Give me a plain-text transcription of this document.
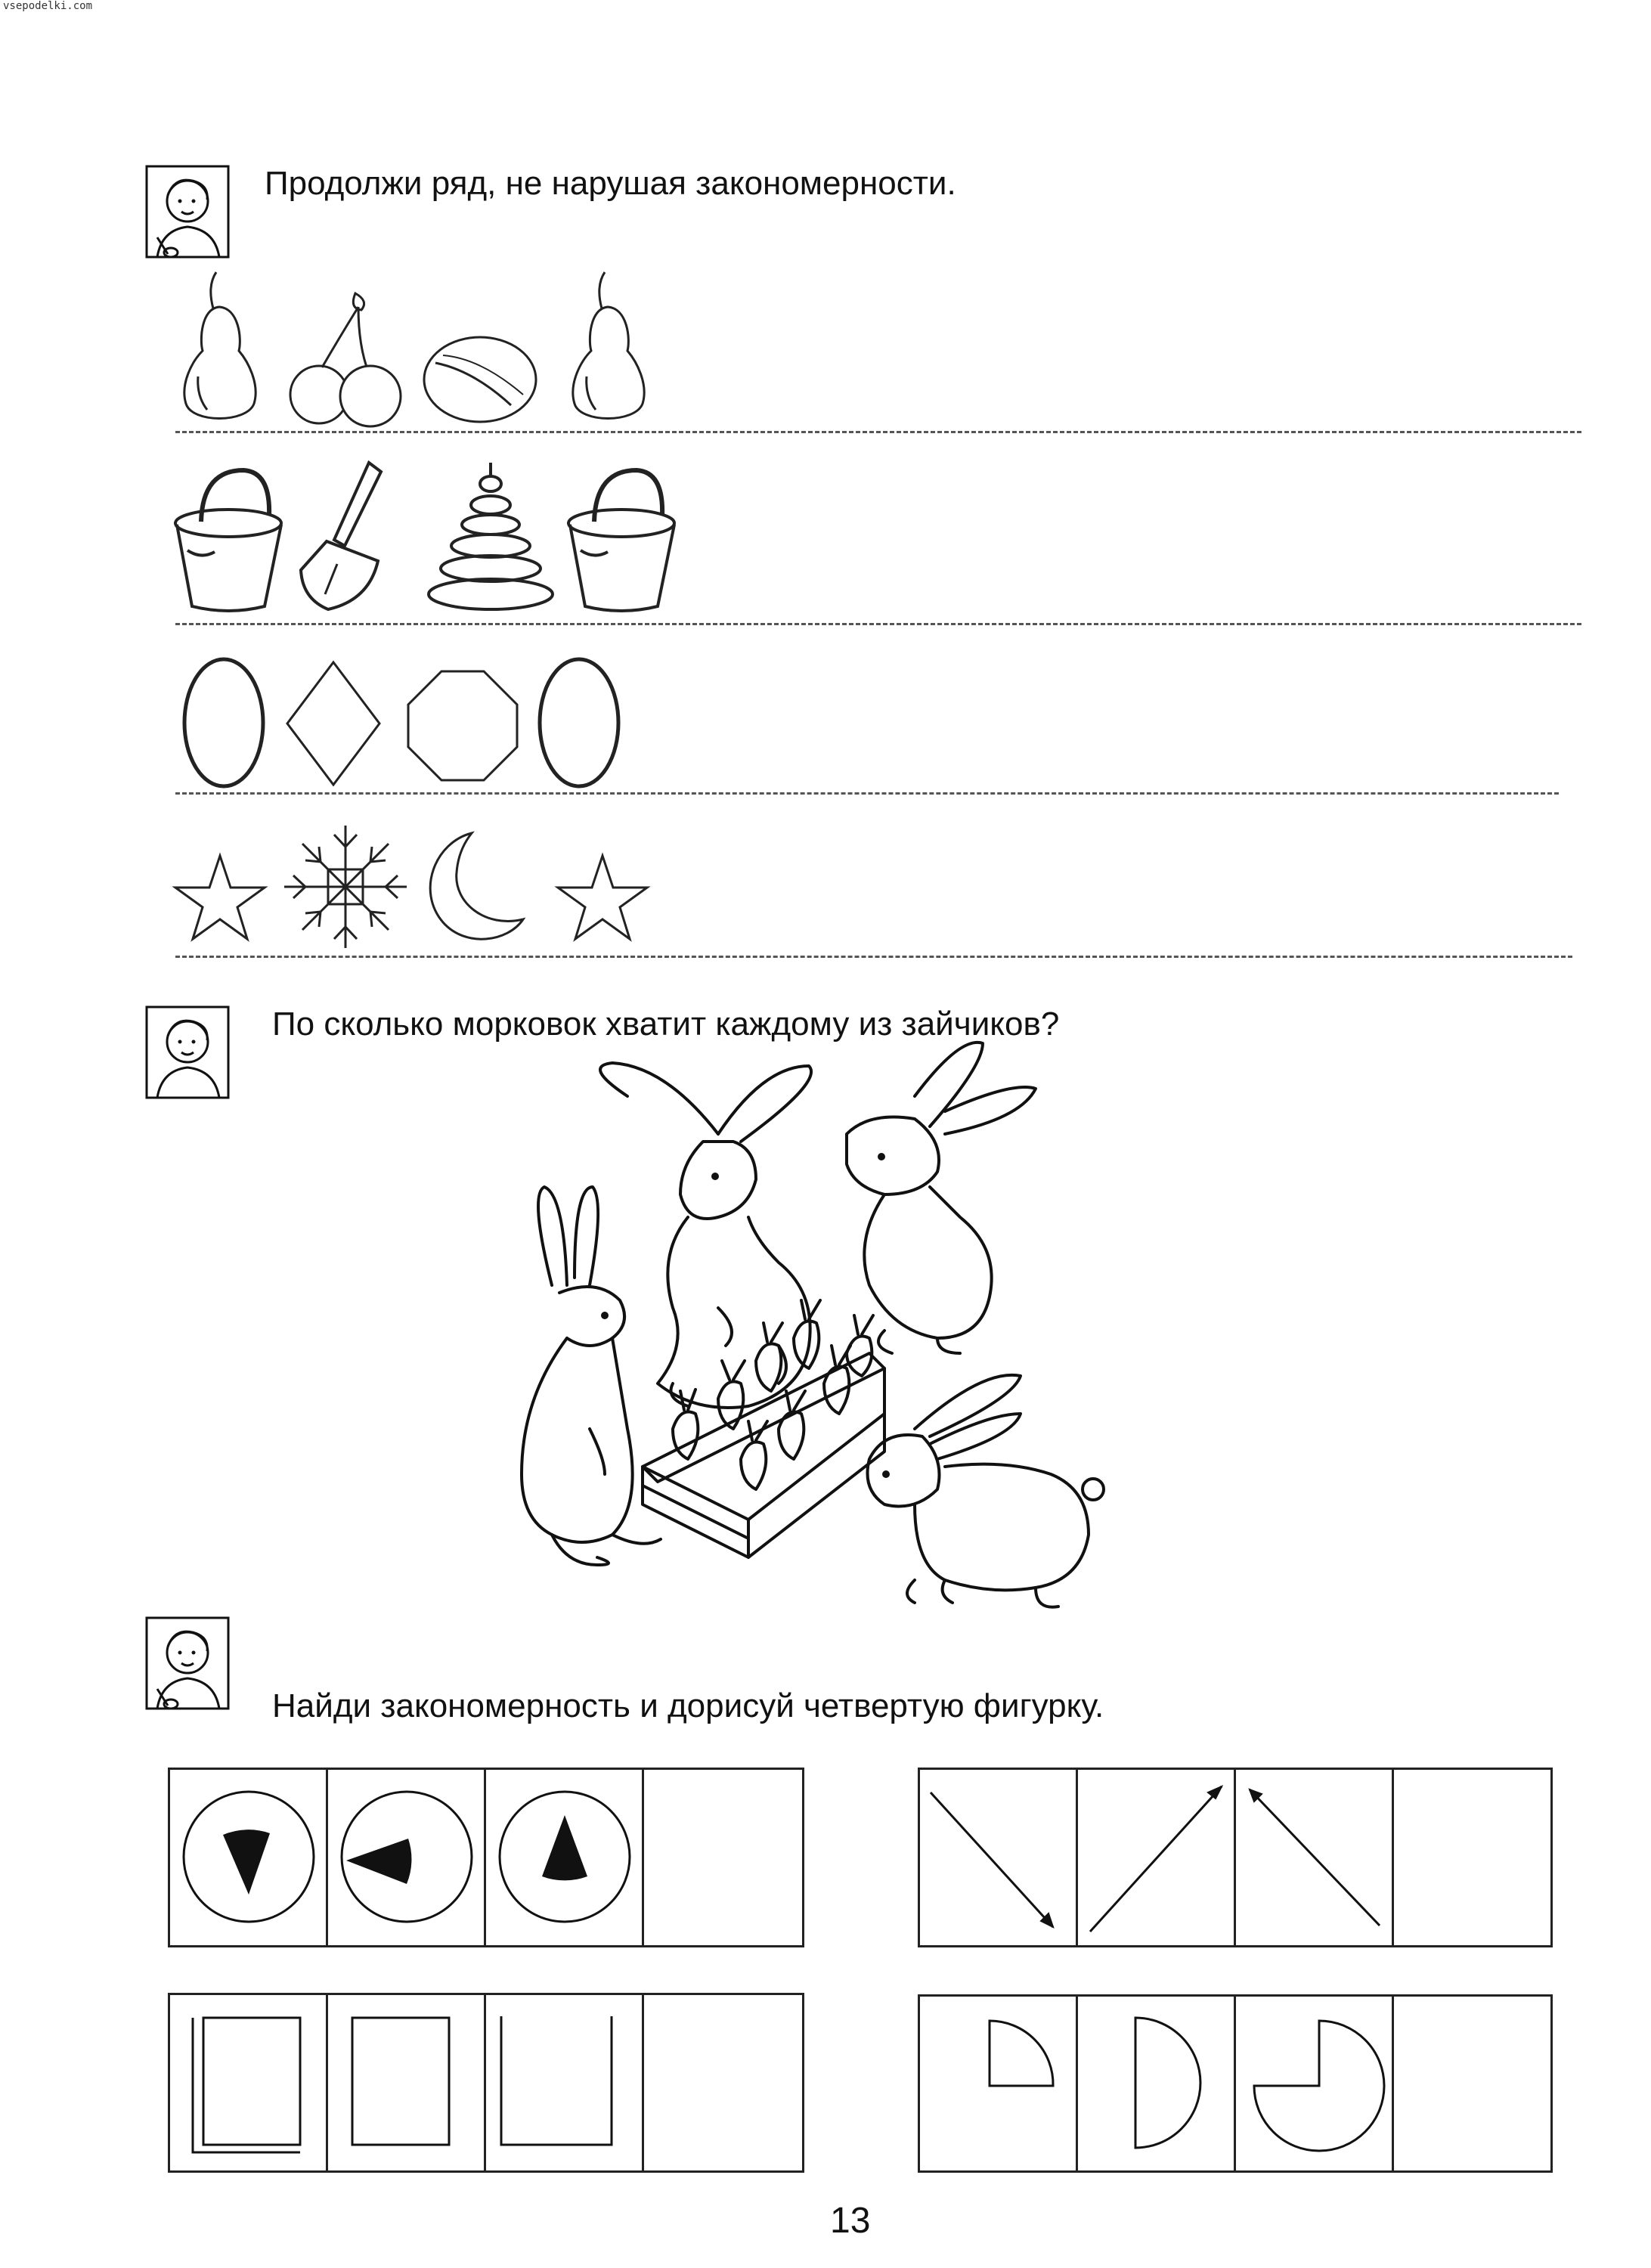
vsepodelki.com
Продолжи ряд, не нарушая закономерности.
По сколько морковок хватит каждому из зайчиков?
Найди закономерность и дорисуй четвертую фигурку.
13
